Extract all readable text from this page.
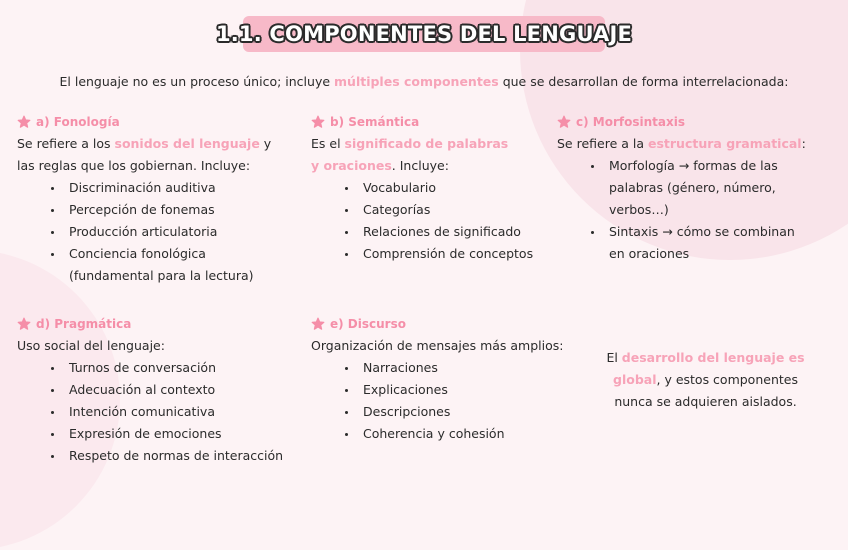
1.1. COMPONENTES DEL LENGUAJE
El lenguaje no es un proceso único; incluye múltiples componentes que se desarrollan de forma interrelacionada:
a) Fonología
Se refiere a los sonidos del lenguaje y las reglas que los gobiernan. Incluye:
Discriminación auditiva
Percepción de fonemas
Producción articulatoria
Conciencia fonológica (fundamental para la lectura)
b) Semántica
Es el significado de palabras y oraciones. Incluye:
Vocabulario
Categorías
Relaciones de significado
Comprensión de conceptos
c) Morfosintaxis
Se refiere a la estructura gramatical:
Morfología → formas de las palabras (género, número, verbos…)
Sintaxis → cómo se combinan en oraciones
d) Pragmática
Uso social del lenguaje:
Turnos de conversación
Adecuación al contexto
Intención comunicativa
Expresión de emociones
Respeto de normas de interacción
e) Discurso
Organización de mensajes más amplios:
Narraciones
Explicaciones
Descripciones
Coherencia y cohesión
El desarrollo del lenguaje es global, y estos componentes nunca se adquieren aislados.
